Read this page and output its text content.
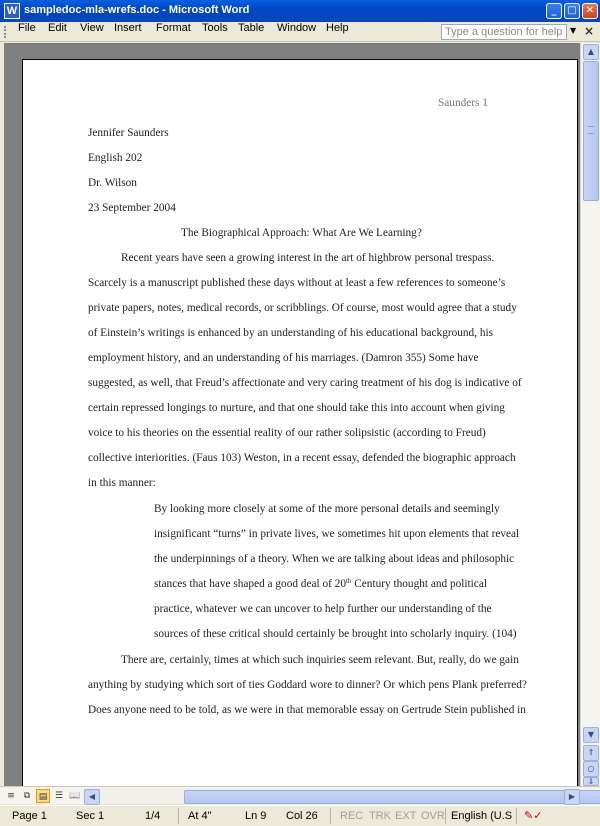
W sampledoc-mla-wrefs.doc - Microsoft Word	_	□ ✕
File Edit View Insert Format Tools Table Window Help	Type a question for help ▼ ×
Saunders 1
Jennifer Saunders
English 202
Dr. Wilson
23 September 2004
The Biographical Approach: What Are We Learning?
Recent years have seen a growing interest in the art of highbrow personal trespass.
Scarcely is a manuscript published these days without at least a few references to someone’s
private papers, notes, medical records, or scribblings. Of course, most would agree that a study
of Einstein’s writings is enhanced by an understanding of his educational background, his
employment history, and an understanding of his marriages. (Damron 355) Some have
suggested, as well, that Freud’s affectionate and very caring treatment of his dog is indicative of
certain repressed longings to nurture, and that one should take this into account when giving
voice to his theories on the essential reality of our rather solipsistic (according to Freud)
collective interiorities. (Faus 103) Weston, in a recent essay, defended the biographic approach
in this manner:
By looking more closely at some of the more personal details and seemingly
insignificant “turns” in private lives, we sometimes hit upon elements that reveal
the underpinnings of a theory. When we are talking about ideas and philosophic
stances that have shaped a good deal of 20th Century thought and political
practice, whatever we can uncover to help further our understanding of the
sources of these critical should certainly be brought into scholarly inquiry. (104)
There are, certainly, times at which such inquiries seem relevant. But, really, do we gain
anything by studying which sort of ties Goddard wore to dinner? Or which pens Plank preferred?
Does anyone need to be told, as we were in that memorable essay on Gertrude Stein published in
▲
▼
⇑
○
⇓
≡	⧉ ▤ ☰ 📖	◀	▶
Page 1	Sec 1	1/4	At 4"	Ln 9 Col 26 REC TRK EXT OVR English (U.S ✎✓
